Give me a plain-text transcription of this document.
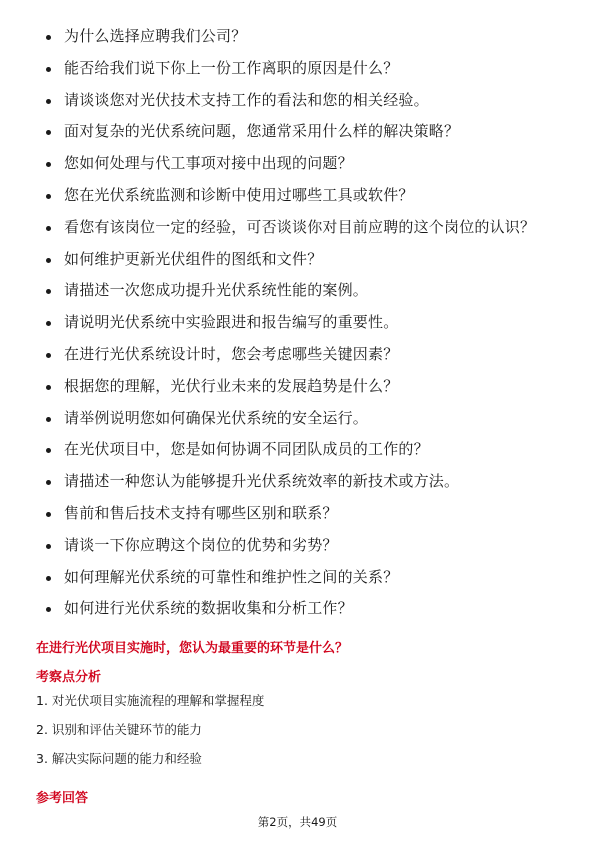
为什么选择应聘我们公司？
能否给我们说下你上一份工作离职的原因是什么？
请谈谈您对光伏技术支持工作的看法和您的相关经验。
面对复杂的光伏系统问题，您通常采用什么样的解决策略？
您如何处理与代工事项对接中出现的问题？
您在光伏系统监测和诊断中使用过哪些工具或软件？
看您有该岗位一定的经验，可否谈谈你对目前应聘的这个岗位的认识？
如何维护更新光伏组件的图纸和文件？
请描述一次您成功提升光伏系统性能的案例。
请说明光伏系统中实验跟进和报告编写的重要性。
在进行光伏系统设计时，您会考虑哪些关键因素？
根据您的理解，光伏行业未来的发展趋势是什么？
请举例说明您如何确保光伏系统的安全运行。
在光伏项目中，您是如何协调不同团队成员的工作的？
请描述一种您认为能够提升光伏系统效率的新技术或方法。
售前和售后技术支持有哪些区别和联系？
请谈一下你应聘这个岗位的优势和劣势？
如何理解光伏系统的可靠性和维护性之间的关系？
如何进行光伏系统的数据收集和分析工作？
在进行光伏项目实施时，您认为最重要的环节是什么？
考察点分析
1. 对光伏项目实施流程的理解和掌握程度
2. 识别和评估关键环节的能力
3. 解决实际问题的能力和经验
参考回答
第2页，共49页
